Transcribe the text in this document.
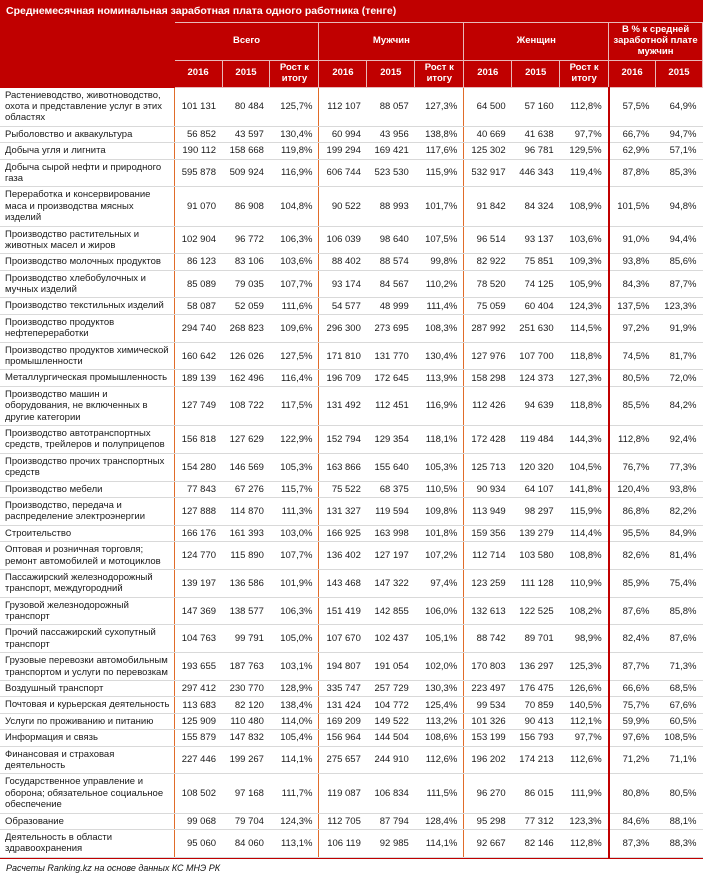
Среднемесячная номинальная заработная плата одного работника (тенге)
	Всего			Мужчин			Женщин			В % к средней заработной плате мужчин	
	2016	2015	Рост к итогу	2016	2015	Рост к итогу	2016	2015	Рост к итогу	2016	2015
Растениеводство, животноводство, охота и представление услуг в этих областях	101 131	80 484	125,7%	112 107	88 057	127,3%	64 500	57 160	112,8%	57,5%	64,9%
Рыболовство и аквакультура	56 852	43 597	130,4%	60 994	43 956	138,8%	40 669	41 638	97,7%	66,7%	94,7%
Добыча угля и лигнита	190 112	158 668	119,8%	199 294	169 421	117,6%	125 302	96 781	129,5%	62,9%	57,1%
Добыча сырой нефти и природного газа	595 878	509 924	116,9%	606 744	523 530	115,9%	532 917	446 343	119,4%	87,8%	85,3%
Переработка и консервирование маса и производства мясных изделий	91 070	86 908	104,8%	90 522	88 993	101,7%	91 842	84 324	108,9%	101,5%	94,8%
Производство растительных и животных масел и жиров	102 904	96 772	106,3%	106 039	98 640	107,5%	96 514	93 137	103,6%	91,0%	94,4%
Производство молочных продуктов	86 123	83 106	103,6%	88 402	88 574	99,8%	82 922	75 851	109,3%	93,8%	85,6%
Производство хлебобулочных и мучных изделий	85 089	79 035	107,7%	93 174	84 567	110,2%	78 520	74 125	105,9%	84,3%	87,7%
Производство текстильных изделий	58 087	52 059	111,6%	54 577	48 999	111,4%	75 059	60 404	124,3%	137,5%	123,3%
Производство продуктов нефтепереработки	294 740	268 823	109,6%	296 300	273 695	108,3%	287 992	251 630	114,5%	97,2%	91,9%
Производство продуктов химической промышленности	160 642	126 026	127,5%	171 810	131 770	130,4%	127 976	107 700	118,8%	74,5%	81,7%
Металлургическая промышленность	189 139	162 496	116,4%	196 709	172 645	113,9%	158 298	124 373	127,3%	80,5%	72,0%
Производство машин и оборудования, не включенных в другие категории	127 749	108 722	117,5%	131 492	112 451	116,9%	112 426	94 639	118,8%	85,5%	84,2%
Производство автотранспортных средств, трейлеров и полуприцепов	156 818	127 629	122,9%	152 794	129 354	118,1%	172 428	119 484	144,3%	112,8%	92,4%
Производство прочих транспортных средств	154 280	146 569	105,3%	163 866	155 640	105,3%	125 713	120 320	104,5%	76,7%	77,3%
Производство мебели	77 843	67 276	115,7%	75 522	68 375	110,5%	90 934	64 107	141,8%	120,4%	93,8%
Производство, передача и распределение электроэнергии	127 888	114 870	111,3%	131 327	119 594	109,8%	113 949	98 297	115,9%	86,8%	82,2%
Строительство	166 176	161 393	103,0%	166 925	163 998	101,8%	159 356	139 279	114,4%	95,5%	84,9%
Оптовая и розничная торговля; ремонт автомобилей и мотоциклов	124 770	115 890	107,7%	136 402	127 197	107,2%	112 714	103 580	108,8%	82,6%	81,4%
Пассажирский железнодорожный транспорт, междугородний	139 197	136 586	101,9%	143 468	147 322	97,4%	123 259	111 128	110,9%	85,9%	75,4%
Грузовой железнодорожный транспорт	147 369	138 577	106,3%	151 419	142 855	106,0%	132 613	122 525	108,2%	87,6%	85,8%
Прочий пассажирский сухопутный транспорт	104 763	99 791	105,0%	107 670	102 437	105,1%	88 742	89 701	98,9%	82,4%	87,6%
Грузовые перевозки автомобильным транспортом и услуги по перевозкам	193 655	187 763	103,1%	194 807	191 054	102,0%	170 803	136 297	125,3%	87,7%	71,3%
Воздушный транспорт	297 412	230 770	128,9%	335 747	257 729	130,3%	223 497	176 475	126,6%	66,6%	68,5%
Почтовая и курьерская деятельность	113 683	82 120	138,4%	131 424	104 772	125,4%	99 534	70 859	140,5%	75,7%	67,6%
Услуги по проживанию и питанию	125 909	110 480	114,0%	169 209	149 522	113,2%	101 326	90 413	112,1%	59,9%	60,5%
Информация и связь	155 879	147 832	105,4%	156 964	144 504	108,6%	153 199	156 793	97,7%	97,6%	108,5%
Финансовая и страховая деятельность	227 446	199 267	114,1%	275 657	244 910	112,6%	196 202	174 213	112,6%	71,2%	71,1%
Государственное управление и оборона; обязательное социальное обеспечение	108 502	97 168	111,7%	119 087	106 834	111,5%	96 270	86 015	111,9%	80,8%	80,5%
Образование	99 068	79 704	124,3%	112 705	87 794	128,4%	95 298	77 312	123,3%	84,6%	88,1%
Деятельность в области здравоохранения	95 060	84 060	113,1%	106 119	92 985	114,1%	92 667	82 146	112,8%	87,3%	88,3%
Расчеты Ranking.kz на основе данных КС МНЭ РК
